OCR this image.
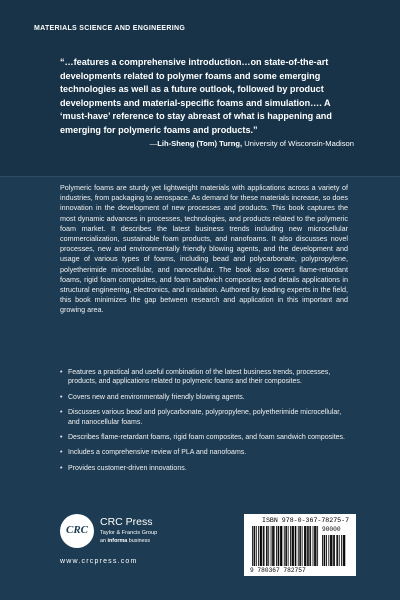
MATERIALS SCIENCE AND ENGINEERING
“…features a comprehensive introduction…on state-of-the-art developments related to polymer foams and some emerging technologies as well as a future outlook, followed by product developments and material-specific foams and simulation…. A ‘must-have’ reference to stay abreast of what is happening and emerging for polymeric foams and products.”
—Lih-Sheng (Tom) Turng, University of Wisconsin-Madison
Polymeric foams are sturdy yet lightweight materials with applications across a variety of industries, from packaging to aerospace. As demand for these materials increase, so does innovation in the development of new processes and products. This book captures the most dynamic advances in processes, technologies, and products related to the polymeric foam market. It describes the latest business trends including new microcellular commercialization, sustainable foam products, and nanofoams. It also discusses novel processes, new and environmentally friendly blowing agents, and the development and usage of various types of foams, including bead and polycarbonate, polypropylene, polyetherimide microcellular, and nanocellular. The book also covers flame-retardant foams, rigid foam composites, and foam sandwich composites and details applications in structural engineering, electronics, and insulation. Authored by leading experts in the field, this book minimizes the gap between research and application in this important and growing area.
• Features a practical and useful combination of the latest business trends, processes, products, and applications related to polymeric foams and their composites.
• Covers new and environmentally friendly blowing agents.
• Discusses various bead and polycarbonate, polypropylene, polyetherimide microcellular, and nanocellular foams.
• Describes flame-retardant foams, rigid foam composites, and foam sandwich composites.
• Includes a comprehensive review of PLA and nanofoams.
• Provides customer-driven innovations.
CRC
CRC Press
Taylor & Francis Group
an informa business
www.crcpress.com
ISBN 978-0-367-78275-7
90000
9 780367 782757
